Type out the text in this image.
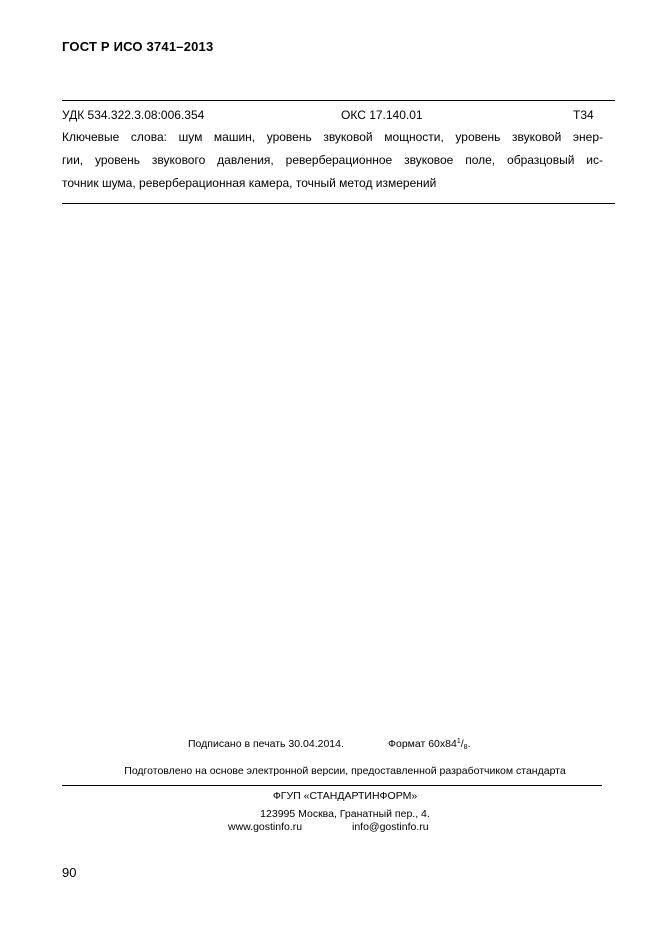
ГОСТ Р ИСО 3741–2013
УДК 534.322.3.08:006.354	ОКС 17.140.01	Т34
Ключевые слова: шум машин, уровень звуковой мощности, уровень звуковой энер-
гии, уровень звукового давления, реверберационное звуковое поле, образцовый ис-
точник шума, реверберационная камера, точный метод измерений
Подписано в печать 30.04.2014.	Формат $60x84^1/_8$.
Подготовлено на основе электронной версии, предоставленной разработчиком стандарта
ФГУП «СТАНДАРТИНФОРМ»
123995 Москва, Гранатный пер., 4.
www.gostinfo.ru	info@gostinfo.ru
90
